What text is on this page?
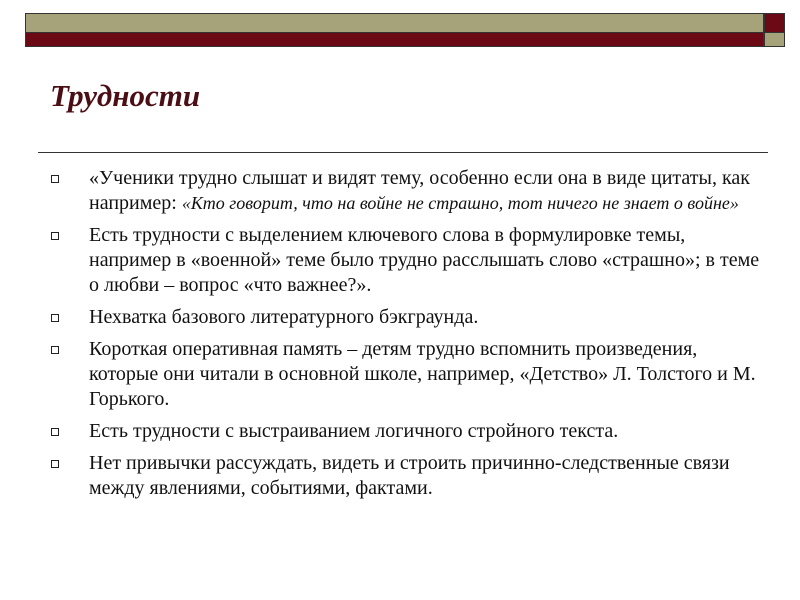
Трудности
«Ученики трудно слышат и видят тему, особенно если она в виде цитаты, как например: «Кто говорит, что на войне не страшно, тот ничего не знает о войне»
Есть трудности с выделением ключевого слова в формулировке темы, например в «военной» теме было трудно расслышать слово «страшно»; в теме о любви – вопрос «что важнее?».
Нехватка базового литературного бэкграунда.
Короткая оперативная память – детям трудно вспомнить произведения, которые они читали в основной школе, например, «Детство» Л. Толстого и М. Горького.
Есть трудности с выстраиванием логичного стройного текста.
Нет привычки рассуждать, видеть и строить причинно-следственные связи между явлениями, событиями, фактами.
